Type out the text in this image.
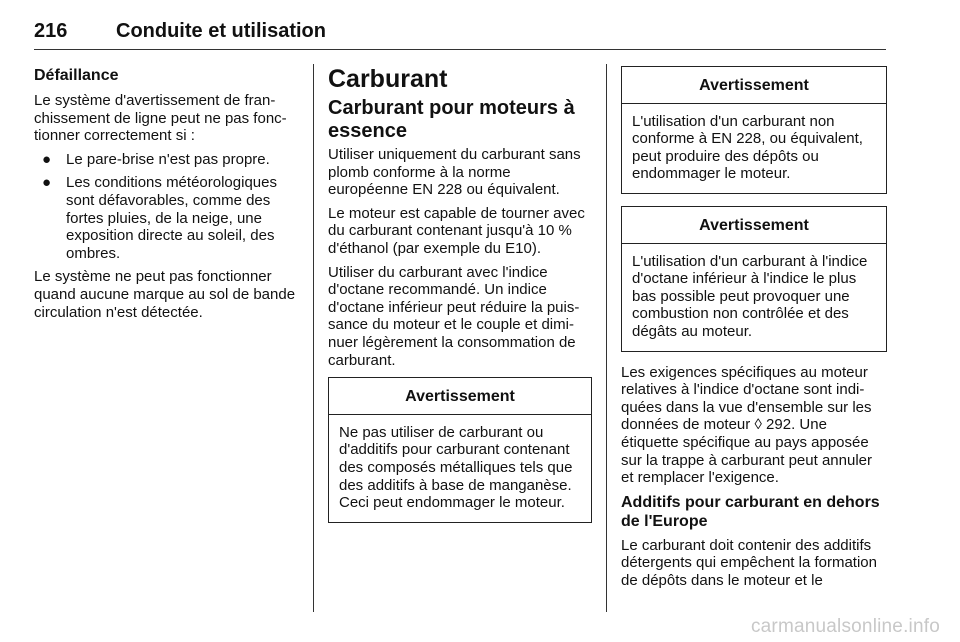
216 Conduite et utilisation
Défaillance

Le système d'avertissement de franchissement de ligne peut ne pas fonctionner correctement si :

● Le pare-brise n'est pas propre.
● Les conditions météorologiques sont défavorables, comme des fortes pluies, de la neige, une exposition directe au soleil, des ombres.

Le système ne peut pas fonctionner quand aucune marque au sol de bande circulation n'est détectée.

Carburant
Carburant pour moteurs à essence

Utiliser uniquement du carburant sans plomb conforme à la norme européenne EN 228 ou équivalent.

Le moteur est capable de tourner avec du carburant contenant jusqu'à 10 % d'éthanol (par exemple du E10).

Utiliser du carburant avec l'indice d'octane recommandé. Un indice d'octane inférieur peut réduire la puissance du moteur et le couple et diminuer légèrement la consommation de carburant.

Avertissement
Ne pas utiliser de carburant ou d'additifs pour carburant contenant des composés métalliques tels que des additifs à base de manganèse. Ceci peut endommager le moteur.
Avertissement
L'utilisation d'un carburant non conforme à EN 228, ou équivalent, peut produire des dépôts ou endommager le moteur.
Avertissement
L'utilisation d'un carburant à l'indice d'octane inférieur à l'indice le plus bas possible peut provoquer une combustion non contrôlée et des dégâts au moteur.

Les exigences spécifiques au moteur relatives à l'indice d'octane sont indiquées dans la vue d'ensemble sur les données de moteur ◊ 292. Une étiquette spécifique au pays apposée sur la trappe à carburant peut annuler et remplacer l'exigence.

Additifs pour carburant en dehors de l'Europe

Le carburant doit contenir des additifs détergents qui empêchent la formation de dépôts dans le moteur et le

carmanualsonline.info
